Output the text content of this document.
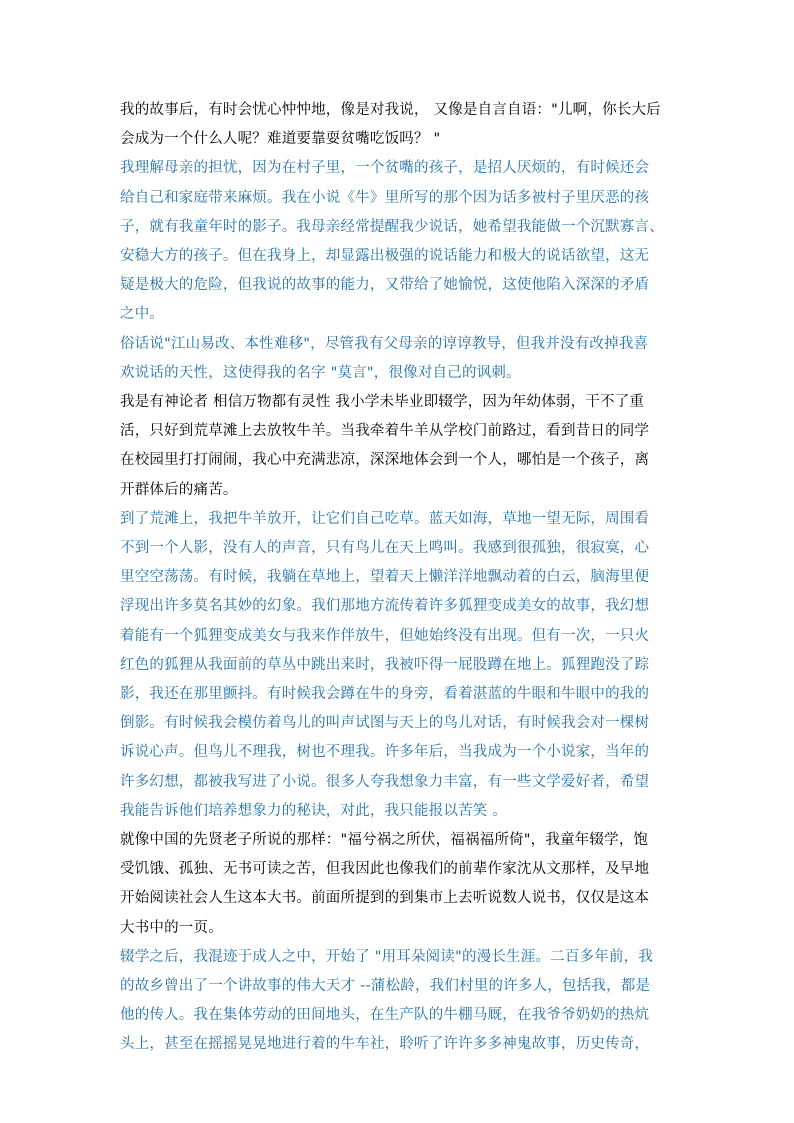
我的故事后，有时会忧心忡忡地，像是对我说， 又像是自言自语："儿啊，你长大后
会成为一个什么人呢？难道要靠耍贫嘴吃饭吗？ "
我理解母亲的担忧，因为在村子里，一个贫嘴的孩子，是招人厌烦的，有时候还会
给自己和家庭带来麻烦。我在小说《牛》里所写的那个因为话多被村子里厌恶的孩
子，就有我童年时的影子。我母亲经常提醒我少说话，她希望我能做一个沉默寡言、
安稳大方的孩子。但在我身上，却显露出极强的说话能力和极大的说话欲望，这无
疑是极大的危险，但我说的故事的能力，又带给了她愉悦，这使他陷入深深的矛盾
之中。
俗话说"江山易改、本性难移"，尽管我有父母亲的谆谆教导，但我并没有改掉我喜
欢说话的天性，这使得我的名字 "莫言"，很像对自己的讽刺。
我是有神论者 相信万物都有灵性 我小学未毕业即辍学，因为年幼体弱，干不了重
活，只好到荒草滩上去放牧牛羊。当我牵着牛羊从学校门前路过，看到昔日的同学
在校园里打打闹闹，我心中充满悲凉，深深地体会到一个人，哪怕是一个孩子，离
开群体后的痛苦。
到了荒滩上，我把牛羊放开，让它们自己吃草。蓝天如海，草地一望无际，周围看
不到一个人影，没有人的声音，只有鸟儿在天上鸣叫。我感到很孤独，很寂寞，心
里空空荡荡。有时候，我躺在草地上，望着天上懒洋洋地飘动着的白云，脑海里便
浮现出许多莫名其妙的幻象。我们那地方流传着许多狐狸变成美女的故事，我幻想
着能有一个狐狸变成美女与我来作伴放牛，但她始终没有出现。但有一次，一只火
红色的狐狸从我面前的草丛中跳出来时，我被吓得一屁股蹲在地上。狐狸跑没了踪
影，我还在那里颤抖。有时候我会蹲在牛的身旁，看着湛蓝的牛眼和牛眼中的我的
倒影。有时候我会模仿着鸟儿的叫声试图与天上的鸟儿对话，有时候我会对一棵树
诉说心声。但鸟儿不理我，树也不理我。许多年后，当我成为一个小说家，当年的
许多幻想，都被我写进了小说。很多人夸我想象力丰富，有一些文学爱好者，希望
我能告诉他们培养想象力的秘诀，对此，我只能报以苦笑 。
就像中国的先贤老子所说的那样："福兮祸之所伏，福祸福所倚"，我童年辍学，饱
受饥饿、孤独、无书可读之苦，但我因此也像我们的前辈作家沈从文那样，及早地
开始阅读社会人生这本大书。前面所提到的到集市上去听说数人说书，仅仅是这本
大书中的一页。
辍学之后，我混迹于成人之中，开始了 "用耳朵阅读"的漫长生涯。二百多年前，我
的故乡曾出了一个讲故事的伟大天才 --蒲松龄，我们村里的许多人，包括我，都是
他的传人。我在集体劳动的田间地头，在生产队的牛棚马厩，在我爷爷奶奶的热炕
头上，甚至在摇摇晃晃地进行着的牛车社，聆听了许许多多神鬼故事，历史传奇，
